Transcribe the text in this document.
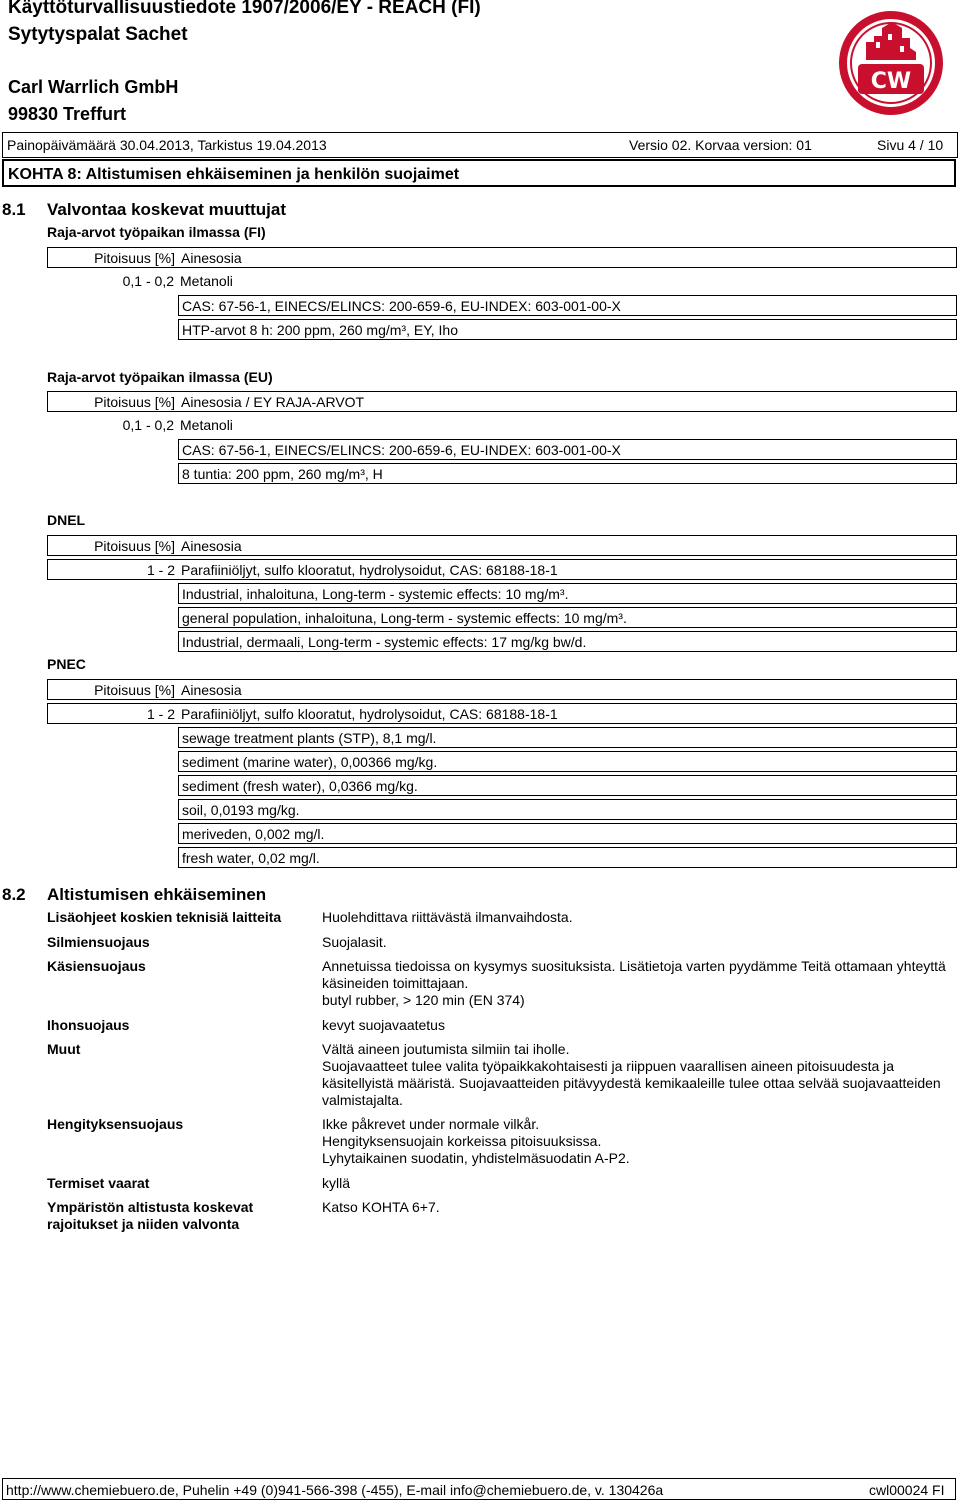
Käyttöturvallisuustiedote 1907/2006/EY - REACH (FI)
Sytytyspalat Sachet
Carl Warrlich GmbH
99830 Treffurt
CW
Painopäivämäärä 30.04.2013, Tarkistus 19.04.2013	Versio 02. Korvaa version: 01	Sivu 4 / 10
KOHTA 8: Altistumisen ehkäiseminen ja henkilön suojaimet
8.1 Valvontaa koskevat muuttujat
Raja-arvot työpaikan ilmassa (FI)
Pitoisuus [%] Ainesosia
0,1 - 0,2 Metanoli
CAS: 67-56-1, EINECS/ELINCS: 200-659-6, EU-INDEX: 603-001-00-X
HTP-arvot 8 h: 200 ppm, 260 mg/m³, EY, Iho
Raja-arvot työpaikan ilmassa (EU)
Pitoisuus [%] Ainesosia / EY RAJA-ARVOT
0,1 - 0,2 Metanoli
CAS: 67-56-1, EINECS/ELINCS: 200-659-6, EU-INDEX: 603-001-00-X
8 tuntia: 200 ppm, 260 mg/m³, H
DNEL
Pitoisuus [%] Ainesosia
1 - 2 Parafiiniöljyt, sulfo klooratut, hydrolysoidut, CAS: 68188-18-1
Industrial, inhaloituna, Long-term - systemic effects: 10 mg/m³.
general population, inhaloituna, Long-term - systemic effects: 10 mg/m³.
Industrial, dermaali, Long-term - systemic effects: 17 mg/kg bw/d.
PNEC
Pitoisuus [%] Ainesosia
1 - 2 Parafiiniöljyt, sulfo klooratut, hydrolysoidut, CAS: 68188-18-1
sewage treatment plants (STP), 8,1 mg/l.
sediment (marine water), 0,00366 mg/kg.
sediment (fresh water), 0,0366 mg/kg.
soil, 0,0193 mg/kg.
meriveden, 0,002 mg/l.
fresh water, 0,02 mg/l.
8.2 Altistumisen ehkäiseminen
Lisäohjeet koskien teknisiä laitteita	Huolehdittava riittävästä ilmanvaihdosta.
Silmiensuojaus	Suojalasit.
Käsiensuojaus	Annetuissa tiedoissa on kysymys suosituksista. Lisätietoja varten pyydämme Teitä ottamaan yhteyttä käsineiden toimittajaan.
butyl rubber, > 120 min (EN 374)
Ihonsuojaus	kevyt suojavaatetus
Muut	Vältä aineen joutumista silmiin tai iholle.
Suojavaatteet tulee valita työpaikkakohtaisesti ja riippuen vaarallisen aineen pitoisuudesta ja käsitellyistä määristä. Suojavaatteiden pitävyydestä kemikaaleille tulee ottaa selvää suojavaatteiden valmistajalta.
Hengityksensuojaus	Ikke påkrevet under normale vilkår.
Hengityksensuojain korkeissa pitoisuuksissa.
Lyhytaikainen suodatin, yhdistelmäsuodatin A-P2.
Termiset vaarat	kyllä
Ympäristön altistusta koskevat rajoitukset ja niiden valvonta
Katso KOHTA 6+7.
http://www.chemiebuero.de, Puhelin +49 (0)941-566-398 (-455), E-mail info@chemiebuero.de, v. 130426a	cwl00024 FI
